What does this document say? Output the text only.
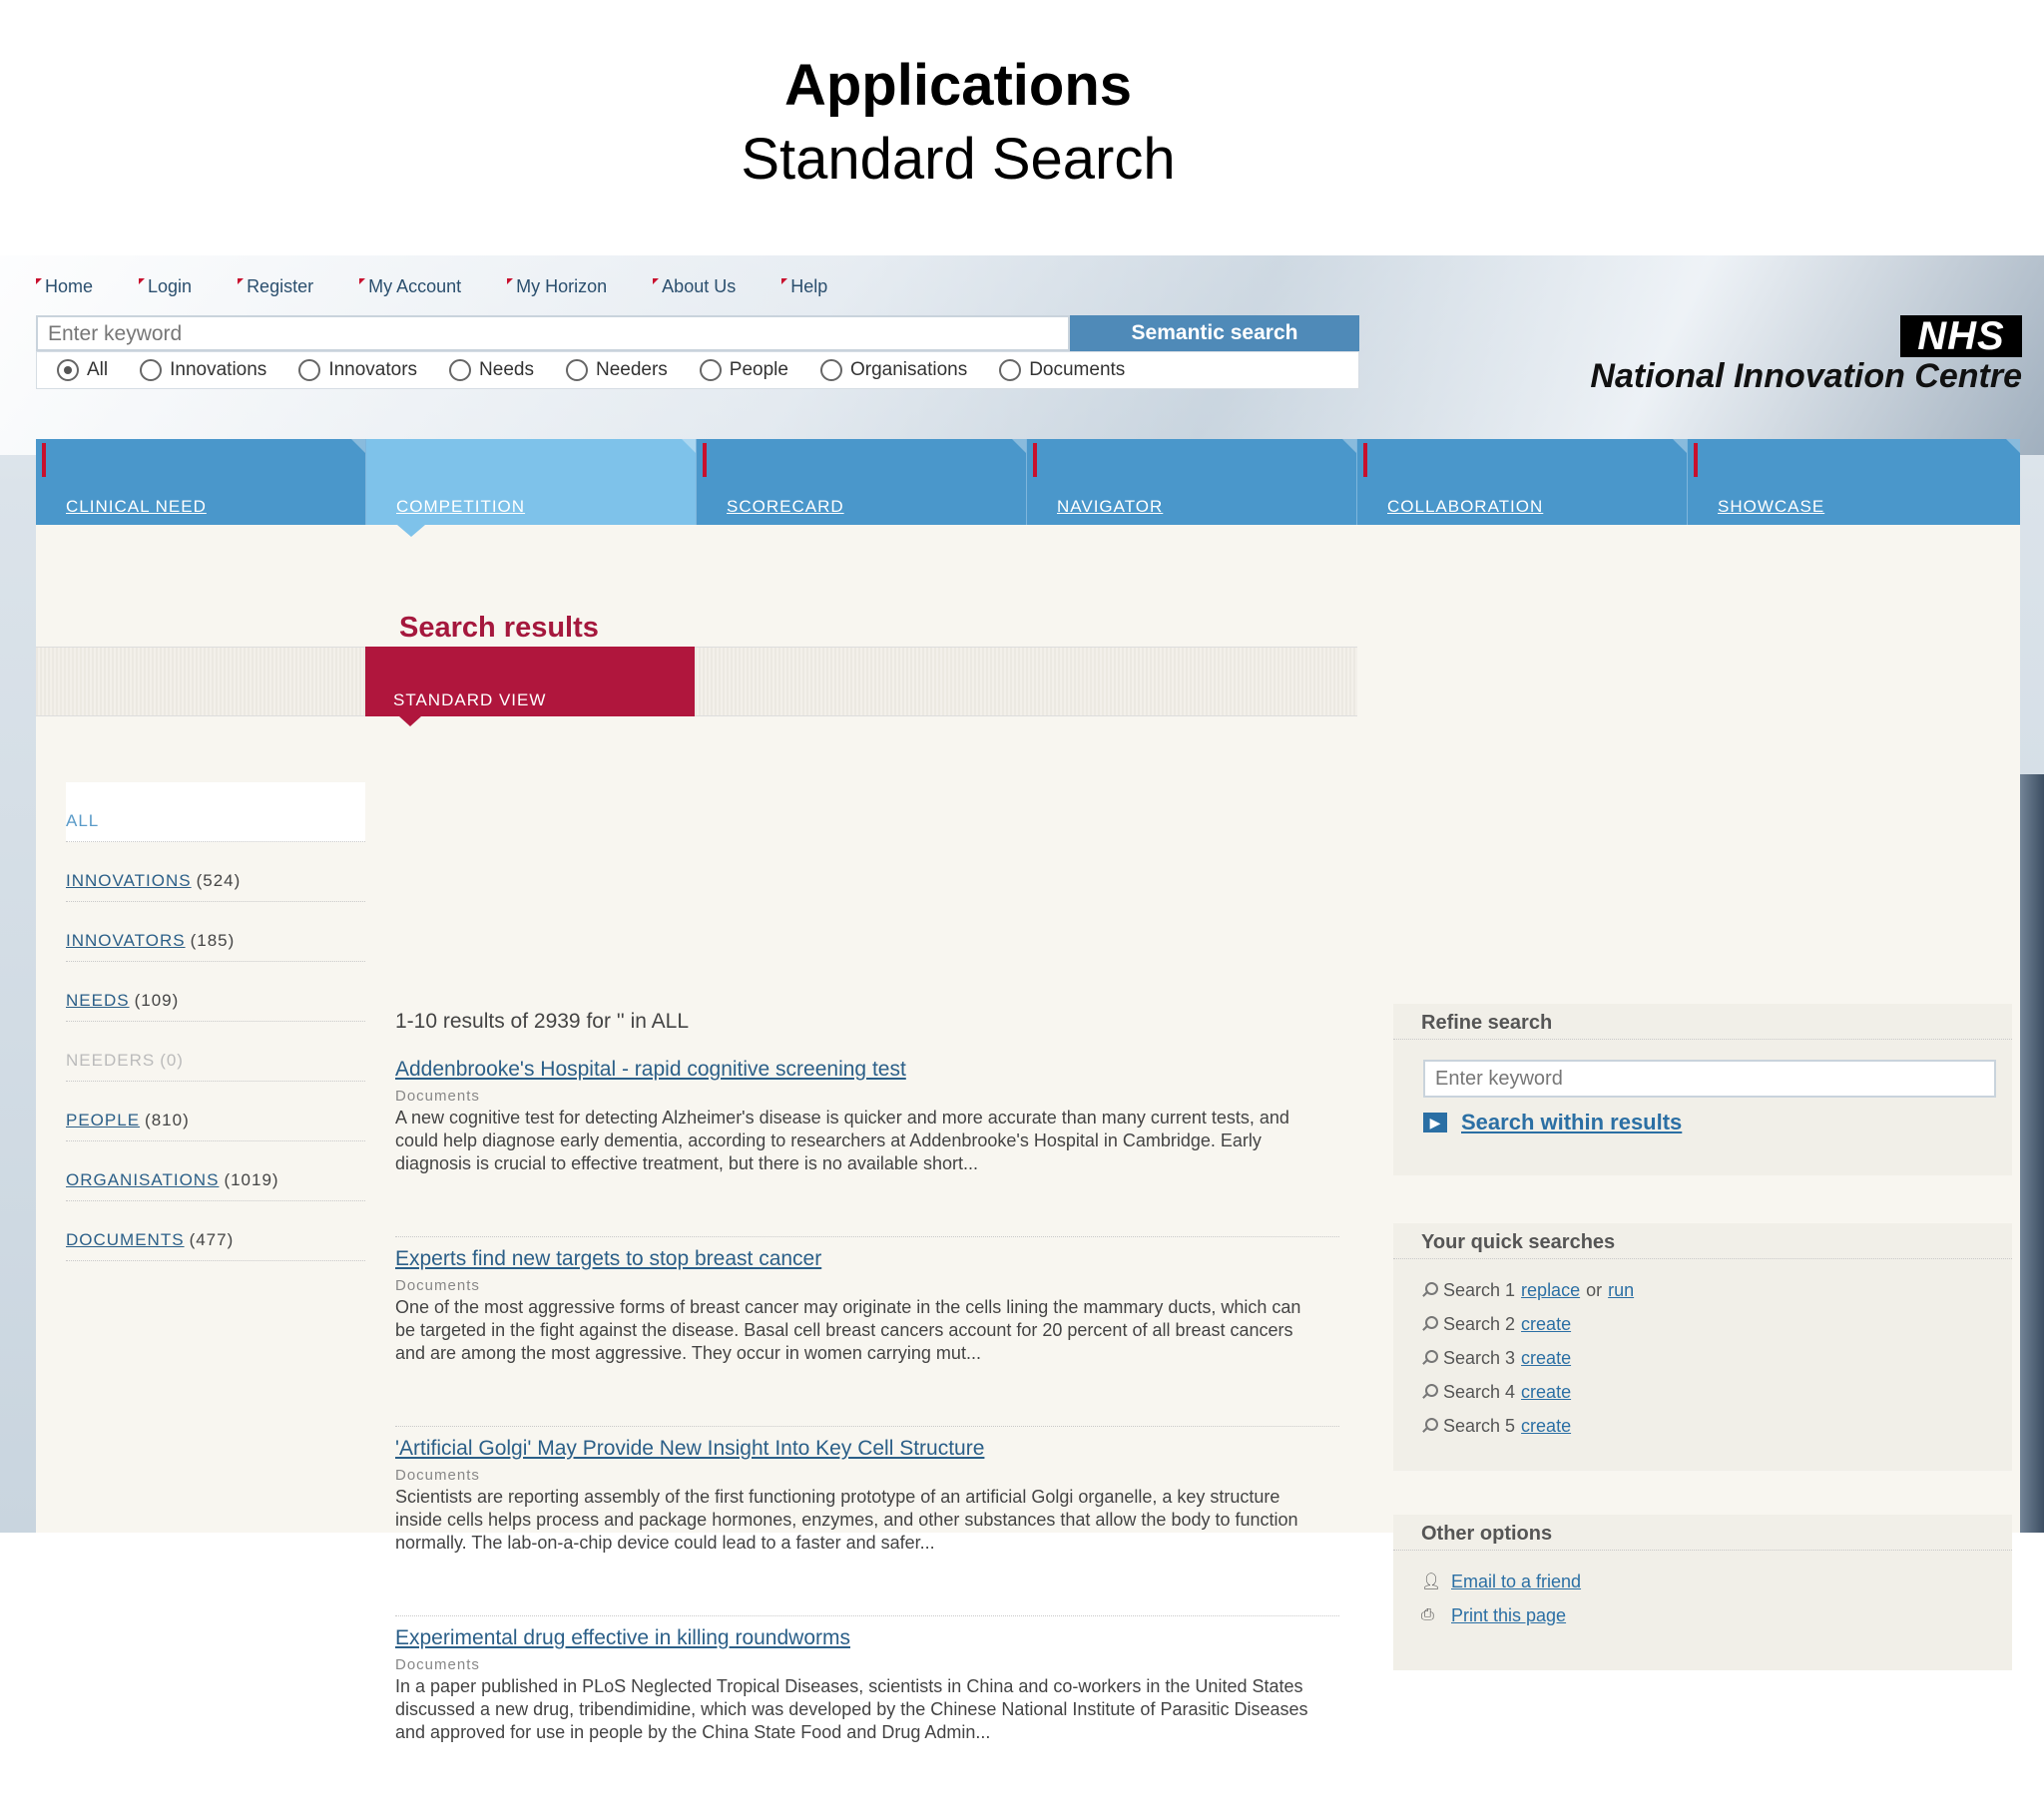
Applications
Standard Search
Home	Login	Register	My Account	My Horizon	About Us	Help
Enter keyword	Semantic search
All	Innovations	Innovators	Needs	Needers	People	Organisations	Documents
NHS
National Innovation Centre
CLINICAL NEED	COMPETITION	SCORECARD	NAVIGATOR	COLLABORATION	SHOWCASE
Search results
STANDARD VIEW
ALL
INNOVATIONS (524)
INNOVATORS (185)
NEEDS (109)
NEEDERS (0)
PEOPLE (810)
ORGANISATIONS (1019)
DOCUMENTS (477)
1-10 results of 2939 for '' in ALL
Addenbrooke's Hospital - rapid cognitive screening test
Documents
A new cognitive test for detecting Alzheimer's disease is quicker and more accurate than many current tests, and could help diagnose early dementia, according to researchers at Addenbrooke's Hospital in Cambridge. Early diagnosis is crucial to effective treatment, but there is no available short...
Experts find new targets to stop breast cancer
Documents
One of the most aggressive forms of breast cancer may originate in the cells lining the mammary ducts, which can be targeted in the fight against the disease. Basal cell breast cancers account for 20 percent of all breast cancers and are among the most aggressive. They occur in women carrying mut...
'Artificial Golgi' May Provide New Insight Into Key Cell Structure
Documents
Scientists are reporting assembly of the first functioning prototype of an artificial Golgi organelle, a key structure inside cells helps process and package hormones, enzymes, and other substances that allow the body to function normally. The lab-on-a-chip device could lead to a faster and safer...
Experimental drug effective in killing roundworms
Documents
In a paper published in PLoS Neglected Tropical Diseases, scientists in China and co-workers in the United States discussed a new drug, tribendimidine, which was developed by the Chinese National Institute of Parasitic Diseases and approved for use in people by the China State Food and Drug Admin...
Refine search
Enter keyword
▶ Search within results
Your quick searches
Search 1 replace or run
Search 2 create
Search 3 create
Search 4 create
Search 5 create
Other options
👤︎ Email to a friend
⎙ Print this page
